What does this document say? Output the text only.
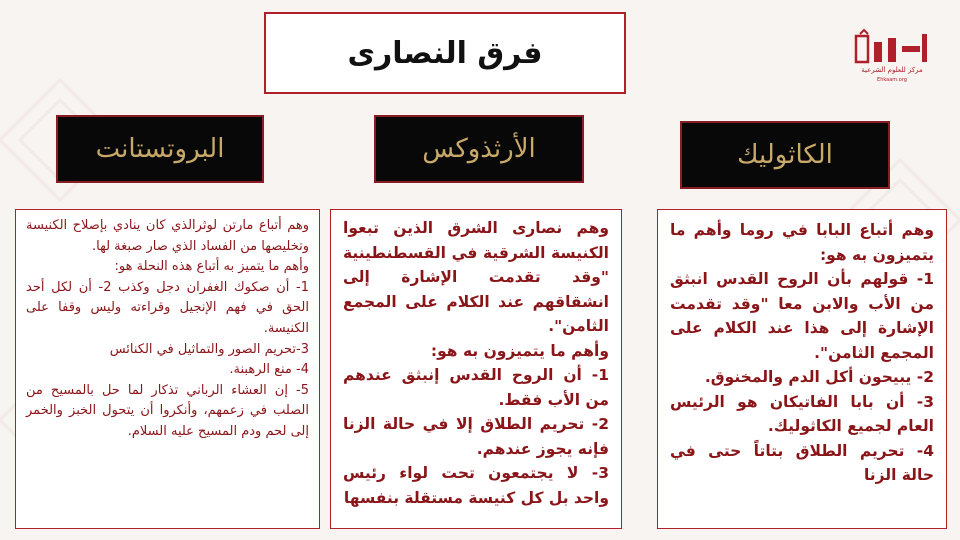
فرق النصارى	مركز للعلوم الشرعية
Ehkaam.org
البروتستانت	الأرثذوكس	الكاثوليك

وهم أتباع مارتن لوثرالذي كان ينادي بإصلاح الكنيسة وتخليصها من الفساد الذي صار صبغة لها.

وأهم ما يتميز به أتباع هذه النحلة هو:

1- أن صكوك الغفران دجل وكذب 2- أن لكل أحد الحق في فهم الإنجيل وقراءته وليس وقفا على الكنيسة.

3-تحريم الصور والتماثيل في الكنائس

4- منع الرهبنة.

5- إن العشاء الرباني تذكار لما حل بالمسيح من الصلب في زعمهم، وأنكروا أن يتحول الخبز والخمر إلى لحم ودم المسيح عليه السلام.

وهم نصارى الشرق الذين تبعوا الكنيسة الشرقية في القسطنطينية "وقد تقدمت الإشارة إلى انشقاقهم عند الكلام على المجمع الثامن".

وأهم ما يتميزون به هو:

1- أن الروح القدس إنبثق عندهم من الأب فقط.

2- تحريم الطلاق إلا في حالة الزنا فإنه يجوز عندهم.

3- لا يجتمعون تحت لواء رئيس واحد بل كل كنيسة مستقلة بنفسها

وهم أتباع البابا في روما وأهم ما يتميزون به هو:

1- قولهم بأن الروح القدس انبثق من الأب والابن معا "وقد تقدمت الإشارة إلى هذا عند الكلام على المجمع الثامن".

2- يبيحون أكل الدم والمخنوق.

3- أن بابا الفاتيكان هو الرئيس العام لجميع الكاثوليك.

4- تحريم الطلاق بتاتاً حتى في حالة الزنا
